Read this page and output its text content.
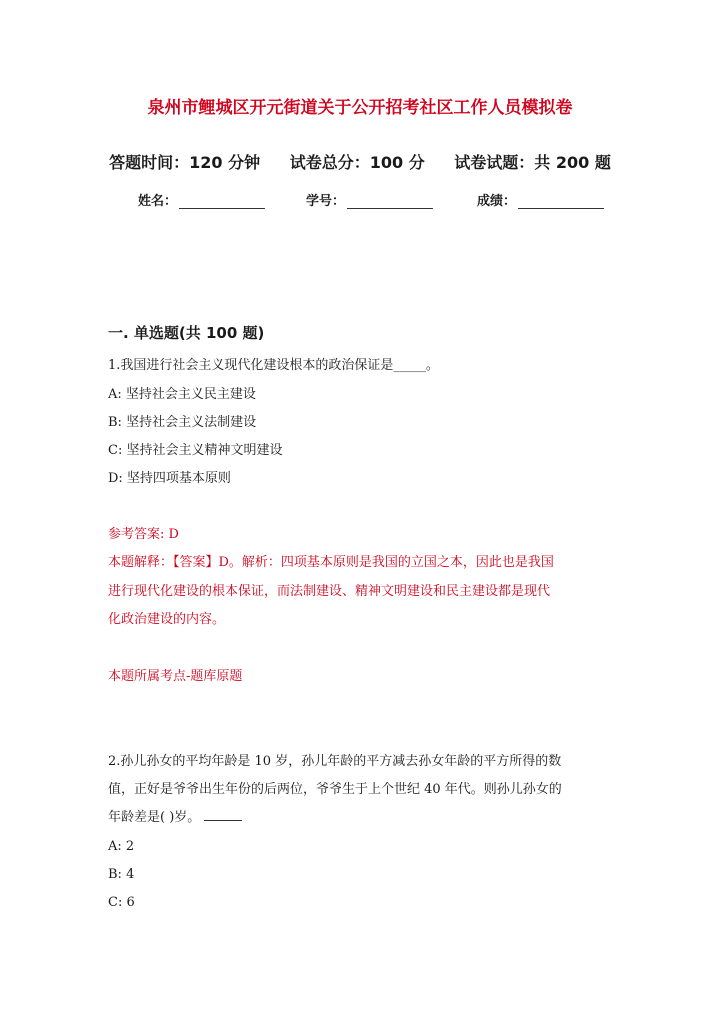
泉州市鲤城区开元街道关于公开招考社区工作人员模拟卷
答题时间：120 分钟 试卷总分：100 分 试卷试题：共 200 题
姓名：	学号：	成绩：
一. 单选题(共 100 题)
1.我国进行社会主义现代化建设根本的政治保证是_____。
A: 坚持社会主义民主建设
B: 坚持社会主义法制建设
C: 坚持社会主义精神文明建设
D: 坚持四项基本原则
参考答案: D
本题解释：【答案】D。解析：四项基本原则是我国的立国之本，因此也是我国
进行现代化建设的根本保证，而法制建设、精神文明建设和民主建设都是现代
化政治建设的内容。
本题所属考点-题库原题
2.孙儿孙女的平均年龄是 10 岁，孙儿年龄的平方减去孙女年龄的平方所得的数
值，正好是爷爷出生年份的后两位，爷爷生于上个世纪 40 年代。则孙儿孙女的
年龄差是( )岁。
A: 2
B: 4
C: 6
